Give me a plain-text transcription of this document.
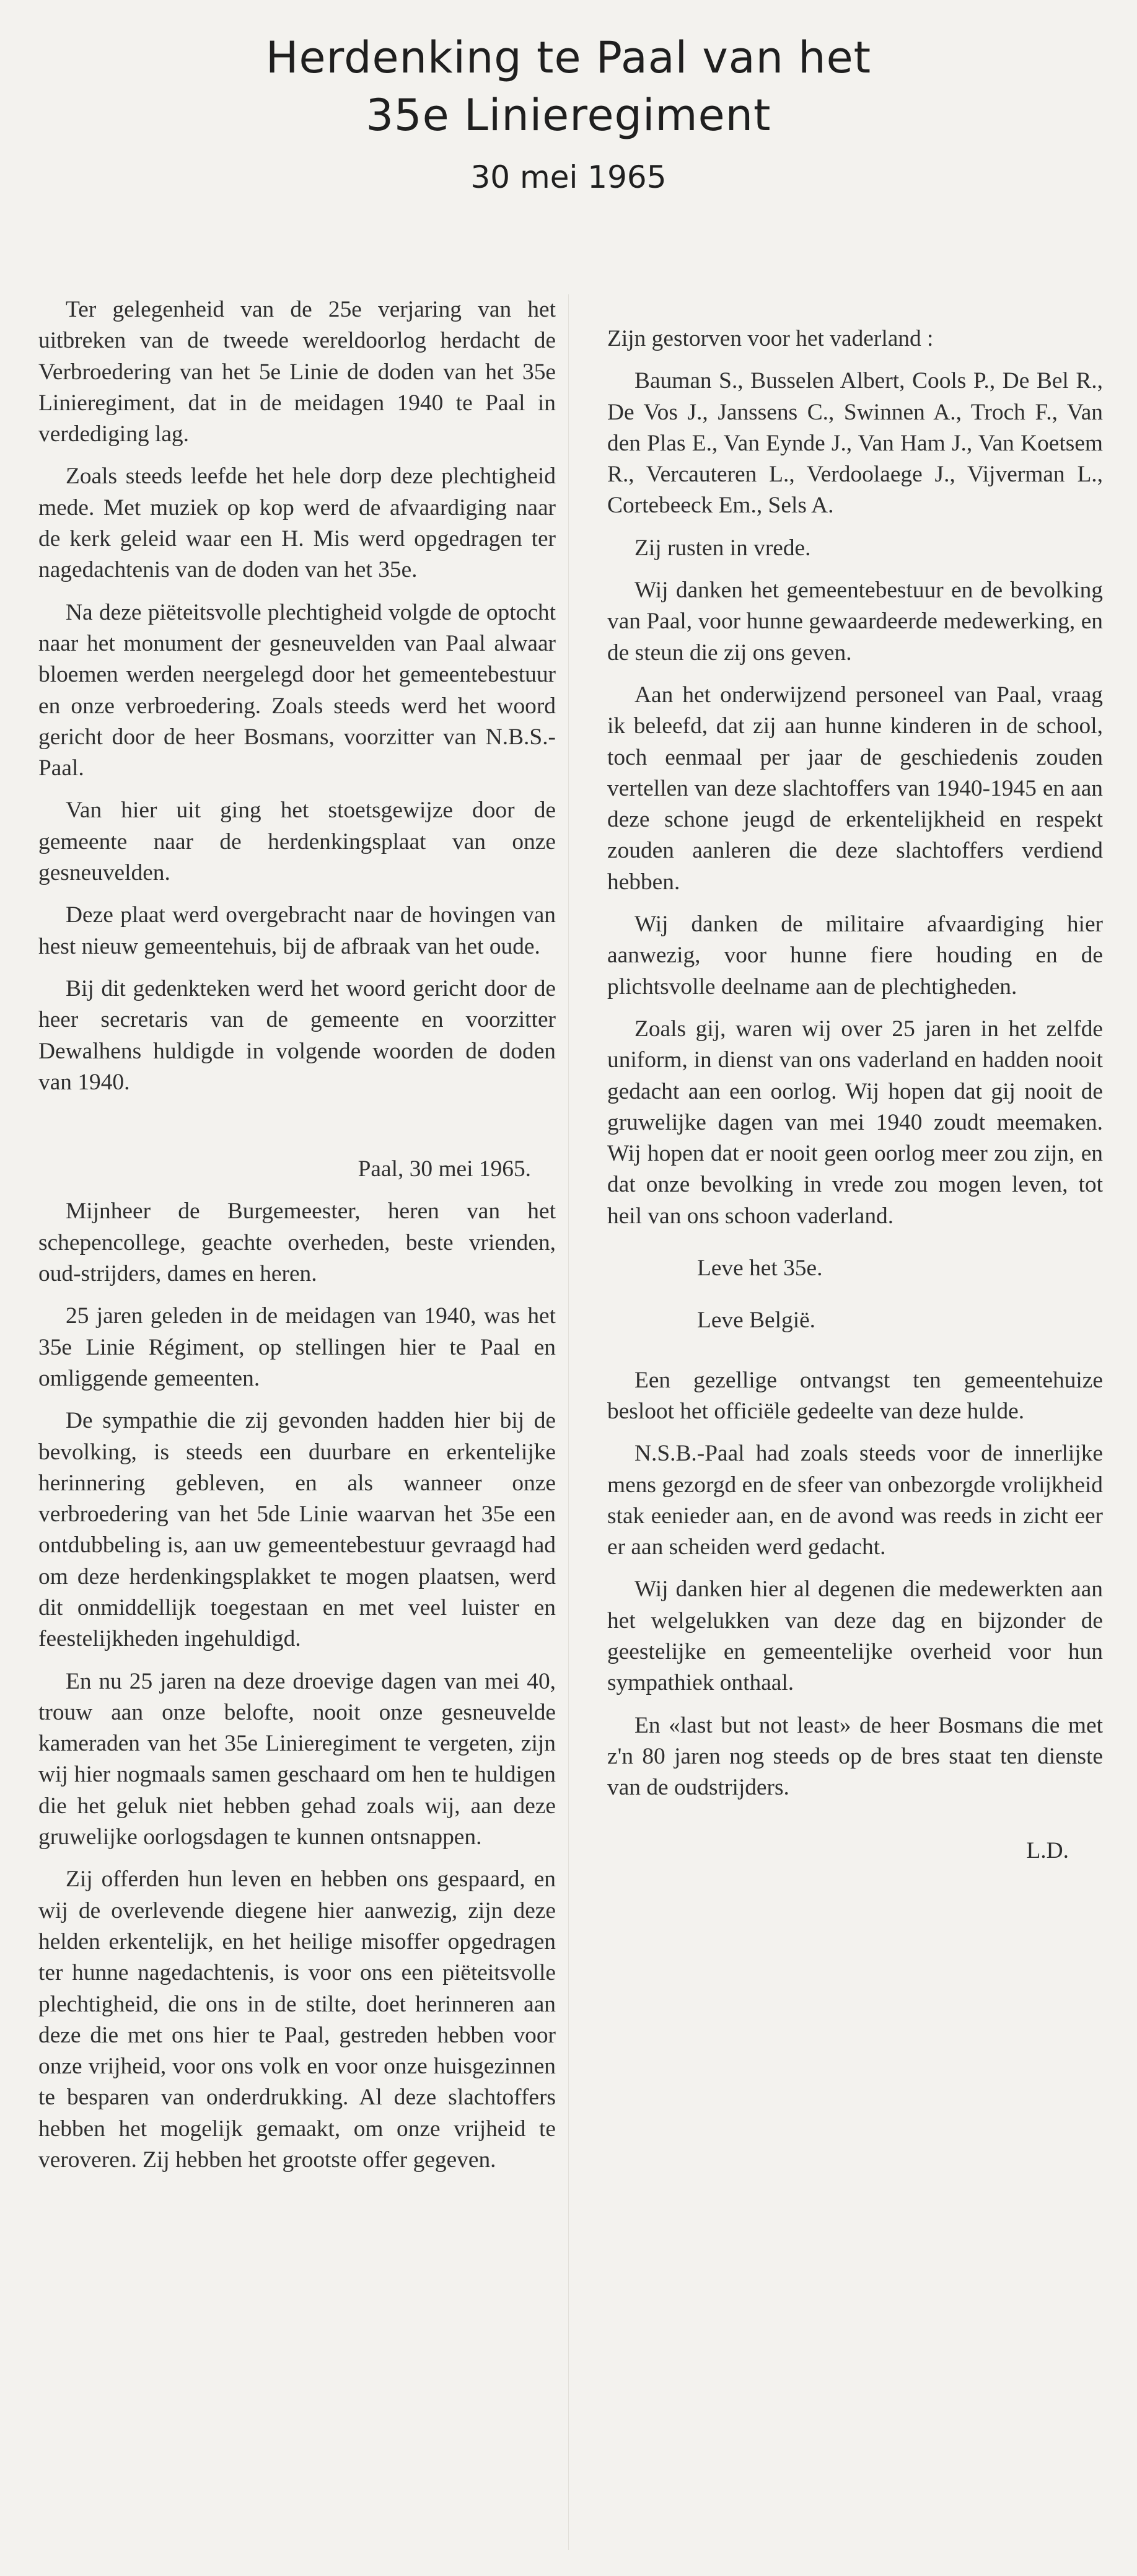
Herdenking te Paal van het
35e Linieregiment
30 mei 1965

Ter gelegenheid van de 25e verjaring van het uitbreken van de tweede wereldoorlog herdacht de Verbroedering van het 5e Linie de doden van het 35e Linieregiment, dat in de meidagen 1940 te Paal in verdediging lag.

Zoals steeds leefde het hele dorp deze plechtigheid mede. Met muziek op kop werd de afvaardiging naar de kerk geleid waar een H. Mis werd opgedragen ter nagedachtenis van de doden van het 35e.

Na deze piëteitsvolle plechtigheid volgde de optocht naar het monument der gesneuvelden van Paal alwaar bloemen werden neergelegd door het gemeentebestuur en onze verbroedering. Zoals steeds werd het woord gericht door de heer Bosmans, voorzitter van N.B.S.-Paal.

Van hier uit ging het stoetsgewijze door de gemeente naar de herdenkingsplaat van onze gesneuvelden.

Deze plaat werd overgebracht naar de hovingen van hest nieuw gemeentehuis, bij de afbraak van het oude.

Bij dit gedenkteken werd het woord gericht door de heer secretaris van de gemeente en voorzitter Dewalhens huldigde in volgende woorden de doden van 1940.

Paal, 30 mei 1965.

Mijnheer de Burgemeester, heren van het schepencollege, geachte overheden, beste vrienden, oud-strijders, dames en heren.

25 jaren geleden in de meidagen van 1940, was het 35e Linie Régiment, op stellingen hier te Paal en omliggende gemeenten.

De sympathie die zij gevonden hadden hier bij de bevolking, is steeds een duurbare en erkentelijke herinnering gebleven, en als wanneer onze verbroedering van het 5de Linie waarvan het 35e een ontdubbeling is, aan uw gemeentebestuur gevraagd had om deze herdenkingsplakket te mogen plaatsen, werd dit onmiddellijk toegestaan en met veel luister en feestelijkheden ingehuldigd.

En nu 25 jaren na deze droevige dagen van mei 40, trouw aan onze belofte, nooit onze gesneuvelde kameraden van het 35e Linieregiment te vergeten, zijn wij hier nogmaals samen geschaard om hen te huldigen die het geluk niet hebben gehad zoals wij, aan deze gruwelijke oorlogsdagen te kunnen ontsnappen.

Zij offerden hun leven en hebben ons gespaard, en wij de overlevende diegene hier aanwezig, zijn deze helden erkentelijk, en het heilige misoffer opgedragen ter hunne nagedachtenis, is voor ons een piëteitsvolle plechtigheid, die ons in de stilte, doet herinneren aan deze die met ons hier te Paal, gestreden hebben voor onze vrijheid, voor ons volk en voor onze huisgezinnen te besparen van onderdrukking. Al deze slachtoffers hebben het mogelijk gemaakt, om onze vrijheid te veroveren. Zij hebben het grootste offer gegeven.

Zijn gestorven voor het vaderland :

Bauman S., Busselen Albert, Cools P., De Bel R., De Vos J., Janssens C., Swinnen A., Troch F., Van den Plas E., Van Eynde J., Van Ham J., Van Koetsem R., Vercauteren L., Verdoolaege J., Vijverman L., Cortebeeck Em., Sels A.

Zij rusten in vrede.

Wij danken het gemeentebestuur en de bevolking van Paal, voor hunne gewaardeerde medewerking, en de steun die zij ons geven.

Aan het onderwijzend personeel van Paal, vraag ik beleefd, dat zij aan hunne kinderen in de school, toch eenmaal per jaar de geschiedenis zouden vertellen van deze slachtoffers van 1940-1945 en aan deze schone jeugd de erkentelijkheid en respekt zouden aanleren die deze slachtoffers verdiend hebben.

Wij danken de militaire afvaardiging hier aanwezig, voor hunne fiere houding en de plichtsvolle deelname aan de plechtigheden.

Zoals gij, waren wij over 25 jaren in het zelfde uniform, in dienst van ons vaderland en hadden nooit gedacht aan een oorlog. Wij hopen dat gij nooit de gruwelijke dagen van mei 1940 zoudt meemaken. Wij hopen dat er nooit geen oorlog meer zou zijn, en dat onze bevolking in vrede zou mogen leven, tot heil van ons schoon vaderland.

Leve het 35e.

Leve België.

Een gezellige ontvangst ten gemeentehuize besloot het officiële gedeelte van deze hulde.

N.S.B.-Paal had zoals steeds voor de innerlijke mens gezorgd en de sfeer van onbezorgde vrolijkheid stak eenieder aan, en de avond was reeds in zicht eer er aan scheiden werd gedacht.

Wij danken hier al degenen die medewerkten aan het welgelukken van deze dag en bijzonder de geestelijke en gemeentelijke overheid voor hun sympathiek onthaal.

En «last but not least» de heer Bosmans die met z'n 80 jaren nog steeds op de bres staat ten dienste van de oudstrijders.

L.D.
